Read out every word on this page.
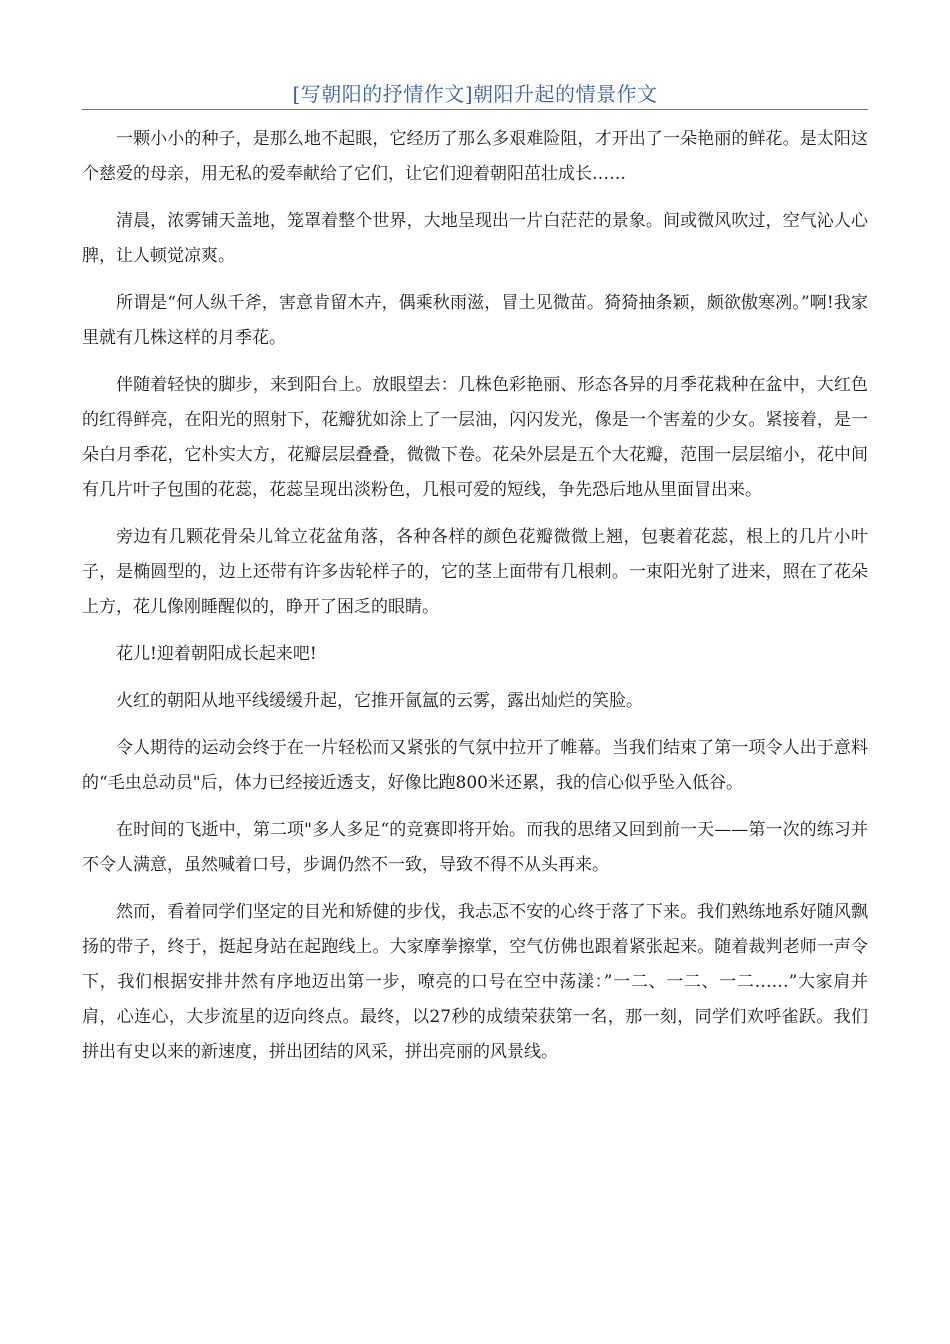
[写朝阳的抒情作文]朝阳升起的情景作文

一颗小小的种子，是那么地不起眼，它经历了那么多艰难险阻，才开出了一朵艳丽的鲜花。是太阳这个慈爱的母亲，用无私的爱奉献给了它们，让它们迎着朝阳茁壮成长……

清晨，浓雾铺天盖地，笼罩着整个世界，大地呈现出一片白茫茫的景象。间或微风吹过，空气沁人心脾，让人顿觉凉爽。

所谓是“何人纵千斧，害意肯留木卉，偶乘秋雨滋，冒土见微苗。猗猗抽条颖，颇欲傲寒冽。”啊!我家里就有几株这样的月季花。

伴随着轻快的脚步，来到阳台上。放眼望去：几株色彩艳丽、形态各异的月季花栽种在盆中，大红色的红得鲜亮，在阳光的照射下，花瓣犹如涂上了一层油，闪闪发光，像是一个害羞的少女。紧接着，是一朵白月季花，它朴实大方，花瓣层层叠叠，微微下卷。花朵外层是五个大花瓣，范围一层层缩小，花中间有几片叶子包围的花蕊，花蕊呈现出淡粉色，几根可爱的短线，争先恐后地从里面冒出来。

旁边有几颗花骨朵儿耸立花盆角落，各种各样的颜色花瓣微微上翘，包裹着花蕊，根上的几片小叶子，是椭圆型的，边上还带有许多齿轮样子的，它的茎上面带有几根刺。一束阳光射了进来，照在了花朵上方，花儿像刚睡醒似的，睁开了困乏的眼睛。

花儿!迎着朝阳成长起来吧!

火红的朝阳从地平线缓缓升起，它推开氤氲的云雾，露出灿烂的笑脸。

令人期待的运动会终于在一片轻松而又紧张的气氛中拉开了帷幕。当我们结束了第一项令人出于意料的“毛虫总动员"后，体力已经接近透支，好像比跑800米还累，我的信心似乎坠入低谷。

在时间的飞逝中，第二项"多人多足“的竞赛即将开始。而我的思绪又回到前一天——第一次的练习并不令人满意，虽然喊着口号，步调仍然不一致，导致不得不从头再来。

然而，看着同学们坚定的目光和矫健的步伐，我忐忑不安的心终于落了下来。我们熟练地系好随风飘扬的带子，终于，挺起身站在起跑线上。大家摩拳擦掌，空气仿佛也跟着紧张起来。随着裁判老师一声令下，我们根据安排井然有序地迈出第一步，嘹亮的口号在空中荡漾：”一二、一二、一二……”大家肩并肩，心连心，大步流星的迈向终点。最终，以27秒的成绩荣获第一名，那一刻，同学们欢呼雀跃。我们拼出有史以来的新速度，拼出团结的风采，拼出亮丽的风景线。
